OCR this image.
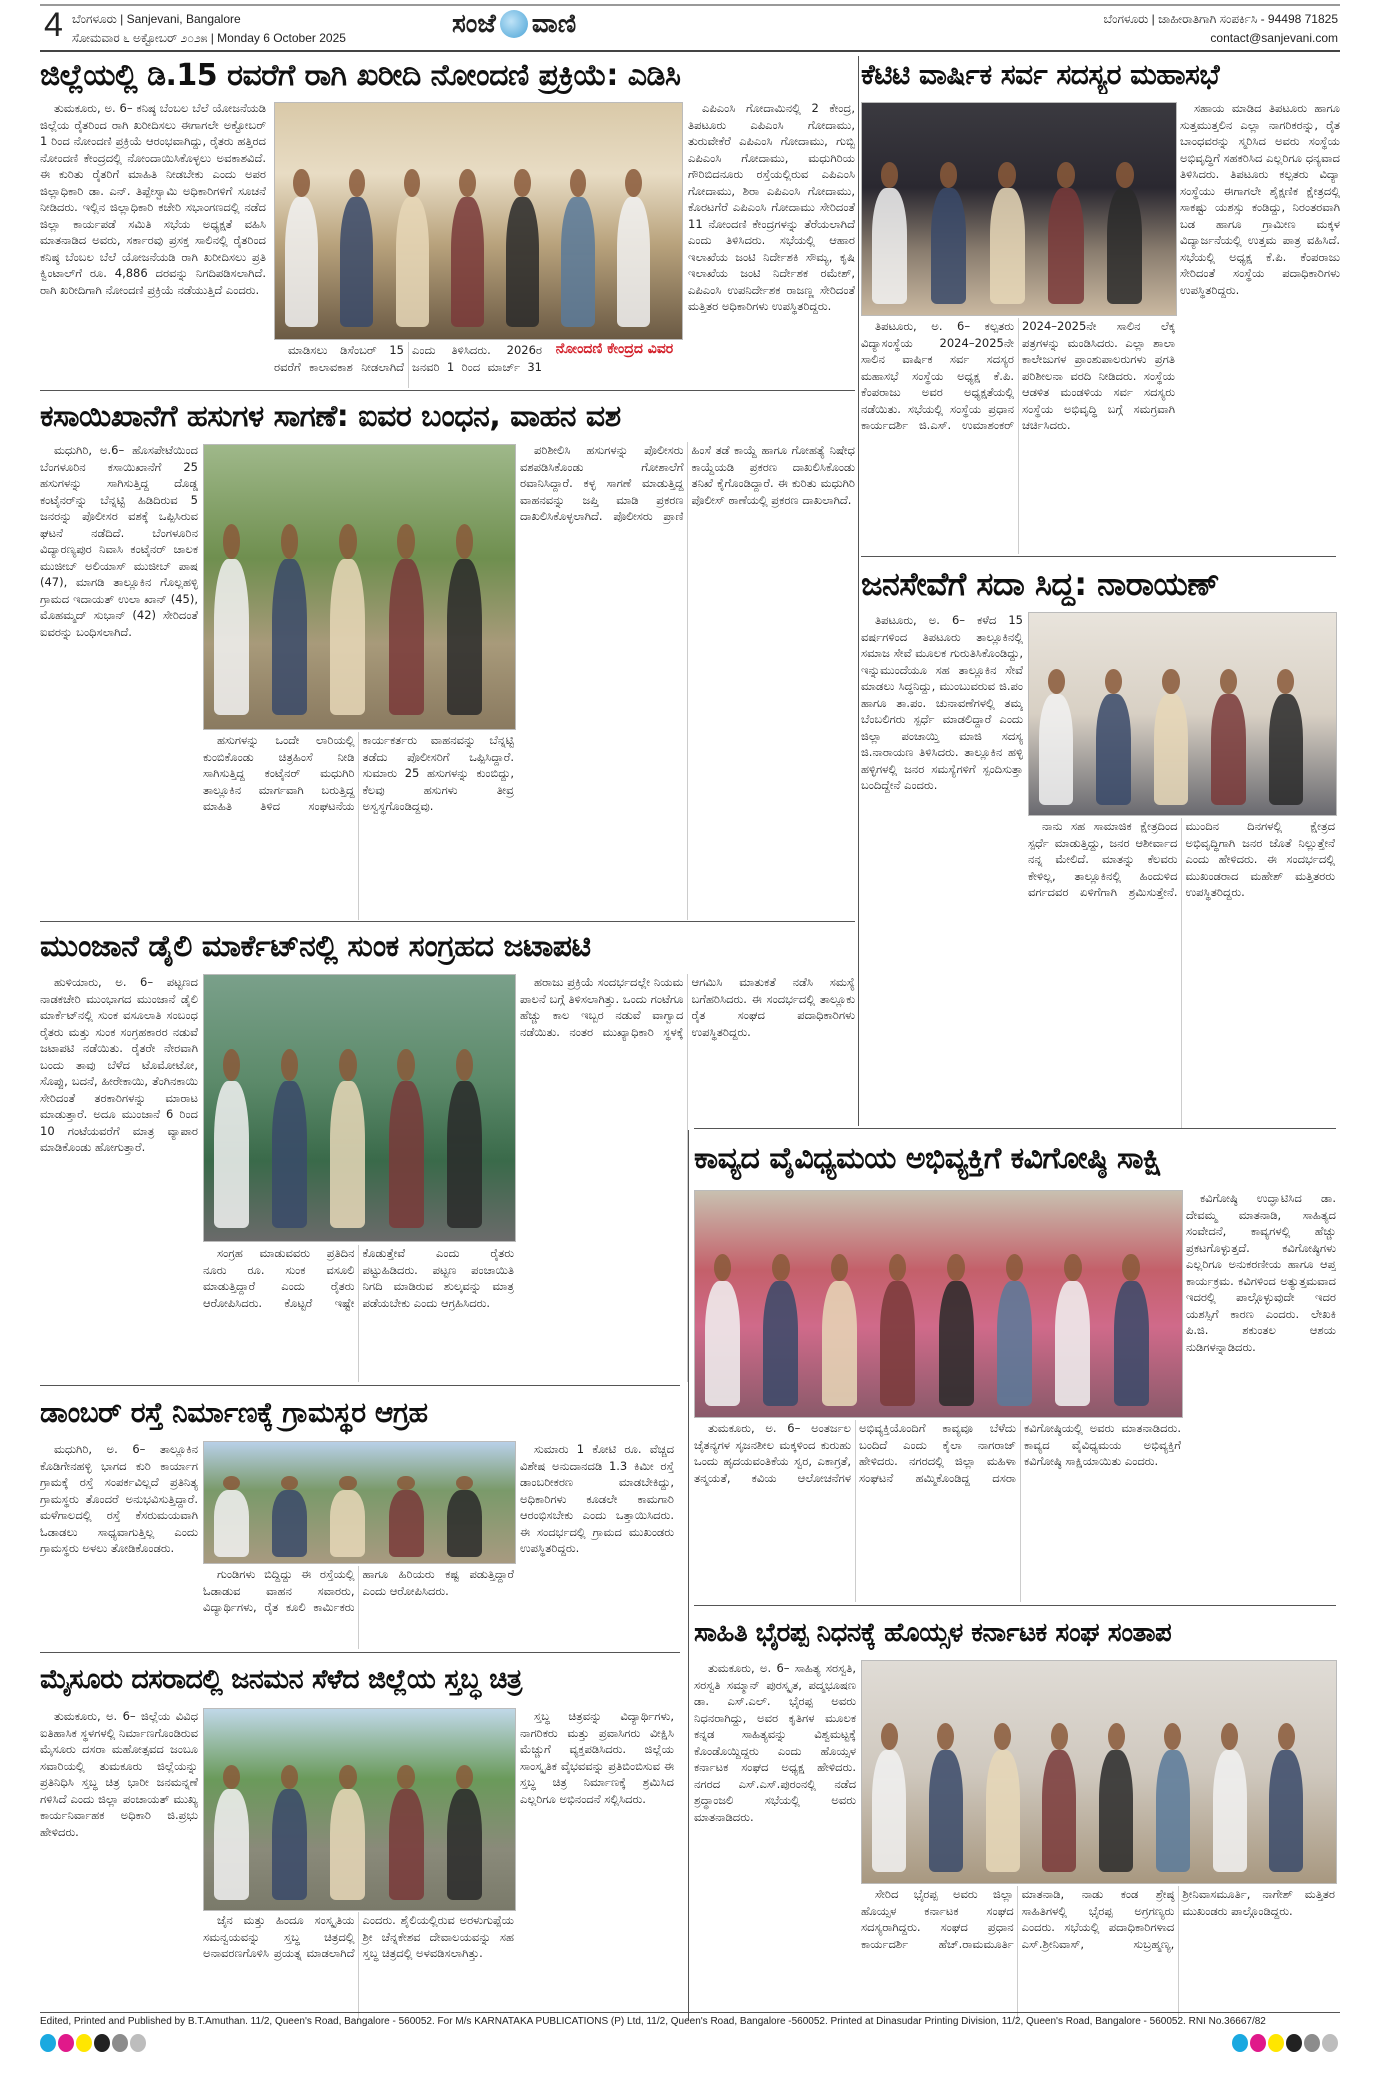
4 ಬೆಂಗಳೂರು | Sanjevani, Bangalore
ಸೋಮವಾರ ೬ ಅಕ್ಟೋಬರ್ ೨೦೨೫ | Monday 6 October 2025	ಸಂಜೆ ವಾಣಿ	ಬೆಂಗಳೂರು | ಜಾಹೀರಾತಿಗಾಗಿ ಸಂಪರ್ಕಿಸಿ - 94498 71825
contact@sanjevani.com
ಜಿಲ್ಲೆಯಲ್ಲಿ ಡಿ.15 ರವರೆಗೆ ರಾಗಿ ಖರೀದಿ ನೋಂದಣಿ ಪ್ರಕ್ರಿಯೆ: ಎಡಿಸಿ

ತುಮಕೂರು, ಅ. 6– ಕನಿಷ್ಠ ಬೆಂಬಲ ಬೆಲೆ ಯೋಜನೆಯಡಿ ಜಿಲ್ಲೆಯ ರೈತರಿಂದ ರಾಗಿ ಖರೀದಿಸಲು ಈಗಾಗಲೇ ಅಕ್ಟೋಬರ್ 1 ರಿಂದ ನೋಂದಣಿ ಪ್ರಕ್ರಿಯೆ ಆರಂಭವಾಗಿದ್ದು, ರೈತರು ಹತ್ತಿರದ ನೋಂದಣಿ ಕೇಂದ್ರದಲ್ಲಿ ನೋಂದಾಯಿಸಿಕೊಳ್ಳಲು ಅವಕಾಶವಿದೆ. ಈ ಕುರಿತು ರೈತರಿಗೆ ಮಾಹಿತಿ ನೀಡಬೇಕು ಎಂದು ಅಪರ ಜಿಲ್ಲಾಧಿಕಾರಿ ಡಾ. ಎನ್. ತಿಪ್ಪೇಸ್ವಾಮಿ ಅಧಿಕಾರಿಗಳಿಗೆ ಸೂಚನೆ ನೀಡಿದರು. ಇಲ್ಲಿನ ಜಿಲ್ಲಾಧಿಕಾರಿ ಕಚೇರಿ ಸಭಾಂಗಣದಲ್ಲಿ ನಡೆದ ಜಿಲ್ಲಾ ಕಾರ್ಯಪಡೆ ಸಮಿತಿ ಸಭೆಯ ಅಧ್ಯಕ್ಷತೆ ವಹಿಸಿ ಮಾತನಾಡಿದ ಅವರು, ಸರ್ಕಾರವು ಪ್ರಸಕ್ತ ಸಾಲಿನಲ್ಲಿ ರೈತರಿಂದ ಕನಿಷ್ಠ ಬೆಂಬಲ ಬೆಲೆ ಯೋಜನೆಯಡಿ ರಾಗಿ ಖರೀದಿಸಲು ಪ್ರತಿ ಕ್ವಿಂಟಾಲ್‌ಗೆ ರೂ. 4,886 ದರವನ್ನು ನಿಗದಿಪಡಿಸಲಾಗಿದೆ. ರಾಗಿ ಖರೀದಿಗಾಗಿ ನೋಂದಣಿ ಪ್ರಕ್ರಿಯೆ ನಡೆಯುತ್ತಿದೆ ಎಂದರು.

ಮಾಡಿಸಲು ಡಿಸೆಂಬರ್ 15 ರವರೆಗೆ ಕಾಲಾವಕಾಶ ನೀಡಲಾಗಿದೆ ಎಂದು ತಿಳಿಸಿದರು. 2026ರ ಜನವರಿ 1 ರಿಂದ ಮಾರ್ಚ್ 31

ಎಪಿಎಂಸಿ ಗೋದಾಮಿನಲ್ಲಿ 2 ಕೇಂದ್ರ, ತಿಪಟೂರು ಎಪಿಎಂಸಿ ಗೋದಾಮು, ತುರುವೇಕೆರೆ ಎಪಿಎಂಸಿ ಗೋದಾಮು, ಗುಬ್ಬಿ ಎಪಿಎಂಸಿ ಗೋದಾಮು, ಮಧುಗಿರಿಯ ಗೌರಿಬಿದನೂರು ರಸ್ತೆಯಲ್ಲಿರುವ ಎಪಿಎಂಸಿ ಗೋದಾಮು, ಶಿರಾ ಎಪಿಎಂಸಿ ಗೋದಾಮು, ಕೊರಟಗೆರೆ ಎಪಿಎಂಸಿ ಗೋದಾಮು ಸೇರಿದಂತೆ 11 ನೋಂದಣಿ ಕೇಂದ್ರಗಳನ್ನು ತೆರೆಯಲಾಗಿದೆ ಎಂದು ತಿಳಿಸಿದರು. ಸಭೆಯಲ್ಲಿ ಆಹಾರ ಇಲಾಖೆಯ ಜಂಟಿ ನಿರ್ದೇಶಕಿ ಸೌಮ್ಯ, ಕೃಷಿ ಇಲಾಖೆಯ ಜಂಟಿ ನಿರ್ದೇಶಕ ರಮೇಶ್, ಎಪಿಎಂಸಿ ಉಪನಿರ್ದೇಶಕ ರಾಜಣ್ಣ ಸೇರಿದಂತೆ ಮತ್ತಿತರ ಅಧಿಕಾರಿಗಳು ಉಪಸ್ಥಿತರಿದ್ದರು.

ನೋಂದಣಿ ಕೇಂದ್ರದ ವಿವರ
ಕೆಟಿಟಿ ವಾರ್ಷಿಕ ಸರ್ವ ಸದಸ್ಯರ ಮಹಾಸಭೆ

ಸಹಾಯ ಮಾಡಿದ ತಿಪಟೂರು ಹಾಗೂ ಸುತ್ತಮುತ್ತಲಿನ ಎಲ್ಲಾ ನಾಗರಿಕರನ್ನು, ರೈತ ಬಾಂಧವರನ್ನು ಸ್ಮರಿಸಿದ ಅವರು ಸಂಸ್ಥೆಯ ಅಭಿವೃದ್ಧಿಗೆ ಸಹಕರಿಸಿದ ಎಲ್ಲರಿಗೂ ಧನ್ಯವಾದ ತಿಳಿಸಿದರು. ತಿಪಟೂರು ಕಲ್ಪತರು ವಿದ್ಯಾ ಸಂಸ್ಥೆಯು ಈಗಾಗಲೇ ಶೈಕ್ಷಣಿಕ ಕ್ಷೇತ್ರದಲ್ಲಿ ಸಾಕಷ್ಟು ಯಶಸ್ಸು ಕಂಡಿದ್ದು, ನಿರಂತರವಾಗಿ ಬಡ ಹಾಗೂ ಗ್ರಾಮೀಣ ಮಕ್ಕಳ ವಿದ್ಯಾರ್ಜನೆಯಲ್ಲಿ ಉತ್ತಮ ಪಾತ್ರ ವಹಿಸಿದೆ. ಸಭೆಯಲ್ಲಿ ಅಧ್ಯಕ್ಷ ಕೆ.ಪಿ. ಕೆಂಪರಾಜು ಸೇರಿದಂತೆ ಸಂಸ್ಥೆಯ ಪದಾಧಿಕಾರಿಗಳು ಉಪಸ್ಥಿತರಿದ್ದರು.

ತಿಪಟೂರು, ಅ. 6– ಕಲ್ಪತರು ವಿದ್ಯಾಸಂಸ್ಥೆಯ 2024–2025ನೇ ಸಾಲಿನ ವಾರ್ಷಿಕ ಸರ್ವ ಸದಸ್ಯರ ಮಹಾಸಭೆ ಸಂಸ್ಥೆಯ ಅಧ್ಯಕ್ಷ ಕೆ.ಪಿ. ಕೆಂಪರಾಜು ಅವರ ಅಧ್ಯಕ್ಷತೆಯಲ್ಲಿ ನಡೆಯಿತು. ಸಭೆಯಲ್ಲಿ ಸಂಸ್ಥೆಯ ಪ್ರಧಾನ ಕಾರ್ಯದರ್ಶಿ ಜಿ.ಎಸ್. ಉಮಾಶಂಕರ್ 2024–2025ನೇ ಸಾಲಿನ ಲೆಕ್ಕ ಪತ್ರಗಳನ್ನು ಮಂಡಿಸಿದರು. ಎಲ್ಲಾ ಶಾಲಾ ಕಾಲೇಜುಗಳ ಪ್ರಾಂಶುಪಾಲರುಗಳು ಪ್ರಗತಿ ಪರಿಶೀಲನಾ ವರದಿ ನೀಡಿದರು. ಸಂಸ್ಥೆಯ ಆಡಳಿತ ಮಂಡಳಿಯ ಸರ್ವ ಸದಸ್ಯರು ಸಂಸ್ಥೆಯ ಅಭಿವೃದ್ಧಿ ಬಗ್ಗೆ ಸಮಗ್ರವಾಗಿ ಚರ್ಚಿಸಿದರು.

ಕಸಾಯಿಖಾನೆಗೆ ಹಸುಗಳ ಸಾಗಣೆ: ಐವರ ಬಂಧನ, ವಾಹನ ವಶ

ಮಧುಗಿರಿ, ಅ.6– ಹೊಸಪೇಟೆಯಿಂದ ಬೆಂಗಳೂರಿನ ಕಸಾಯಿಖಾನೆಗೆ 25 ಹಸುಗಳನ್ನು ಸಾಗಿಸುತ್ತಿದ್ದ ದೊಡ್ಡ ಕಂಟೈನರ್‌ನ್ನು ಬೆನ್ನಟ್ಟಿ ಹಿಡಿದಿರುವ 5 ಜನರನ್ನು ಪೊಲೀಸರ ವಶಕ್ಕೆ ಒಪ್ಪಿಸಿರುವ ಘಟನೆ ನಡೆದಿದೆ. ಬೆಂಗಳೂರಿನ ವಿದ್ಯಾರಣ್ಯಪುರ ನಿವಾಸಿ ಕಂಟೈನರ್ ಚಾಲಕ ಮುಜೀಬ್ ಅಲಿಯಾಸ್ ಮುಜೀಬ್ ಪಾಷ (47), ಮಾಗಡಿ ತಾಲ್ಲೂಕಿನ ಗೊಲ್ಲಹಳ್ಳಿ ಗ್ರಾಮದ ಇದಾಯತ್ ಉಲಾ ಖಾನ್ (45), ಮೊಹಮ್ಮದ್ ಸುಭಾನ್ (42) ಸೇರಿದಂತೆ ಐವರನ್ನು ಬಂಧಿಸಲಾಗಿದೆ.

ಹಸುಗಳನ್ನು ಒಂದೇ ಲಾರಿಯಲ್ಲಿ ಕುಂಬಿಕೊಂಡು ಚಿತ್ರಹಿಂಸೆ ನೀಡಿ ಸಾಗಿಸುತ್ತಿದ್ದ ಕಂಟೈನರ್ ಮಧುಗಿರಿ ತಾಲ್ಲೂಕಿನ ಮಾರ್ಗವಾಗಿ ಬರುತ್ತಿದ್ದ ಮಾಹಿತಿ ತಿಳಿದ ಸಂಘಟನೆಯ ಕಾರ್ಯಕರ್ತರು ವಾಹನವನ್ನು ಬೆನ್ನಟ್ಟಿ ತಡೆದು ಪೊಲೀಸರಿಗೆ ಒಪ್ಪಿಸಿದ್ದಾರೆ. ಸುಮಾರು 25 ಹಸುಗಳನ್ನು ಕುಂಬಿದ್ದು, ಕೆಲವು ಹಸುಗಳು ತೀವ್ರ ಅಸ್ವಸ್ಥಗೊಂಡಿದ್ದವು.

ಪರಿಶೀಲಿಸಿ ಹಸುಗಳನ್ನು ಪೊಲೀಸರು ವಶಪಡಿಸಿಕೊಂಡು ಗೋಶಾಲೆಗೆ ರವಾನಿಸಿದ್ದಾರೆ. ಕಳ್ಳ ಸಾಗಣೆ ಮಾಡುತ್ತಿದ್ದ ವಾಹನವನ್ನು ಜಪ್ತಿ ಮಾಡಿ ಪ್ರಕರಣ ದಾಖಲಿಸಿಕೊಳ್ಳಲಾಗಿದೆ. ಪೊಲೀಸರು ಪ್ರಾಣಿ ಹಿಂಸೆ ತಡೆ ಕಾಯ್ದೆ ಹಾಗೂ ಗೋಹತ್ಯೆ ನಿಷೇಧ ಕಾಯ್ದೆಯಡಿ ಪ್ರಕರಣ ದಾಖಲಿಸಿಕೊಂಡು ತನಿಖೆ ಕೈಗೊಂಡಿದ್ದಾರೆ. ಈ ಕುರಿತು ಮಧುಗಿರಿ ಪೊಲೀಸ್ ಠಾಣೆಯಲ್ಲಿ ಪ್ರಕರಣ ದಾಖಲಾಗಿದೆ.

ಜನಸೇವೆಗೆ ಸದಾ ಸಿದ್ಧ: ನಾರಾಯಣ್

ತಿಪಟೂರು, ಅ. 6– ಕಳೆದ 15 ವರ್ಷಗಳಿಂದ ತಿಪಟೂರು ತಾಲ್ಲೂಕಿನಲ್ಲಿ ಸಮಾಜ ಸೇವೆ ಮೂಲಕ ಗುರುತಿಸಿಕೊಂಡಿದ್ದು, ಇನ್ನುಮುಂದೆಯೂ ಸಹ ತಾಲ್ಲೂಕಿನ ಸೇವೆ ಮಾಡಲು ಸಿದ್ಧನಿದ್ದು, ಮುಂಬುವರುವ ಜಿ.ಪಂ ಹಾಗೂ ತಾ.ಪಂ. ಚುನಾವಣೆಗಳಲ್ಲಿ ತಮ್ಮ ಬೆಂಬಲಿಗರು ಸ್ಪರ್ಧೆ ಮಾಡಲಿದ್ದಾರೆ ಎಂದು ಜಿಲ್ಲಾ ಪಂಚಾಯ್ತಿ ಮಾಜಿ ಸದಸ್ಯ ಜಿ.ನಾರಾಯಣ ತಿಳಿಸಿದರು. ತಾಲ್ಲೂಕಿನ ಹಳ್ಳಿ ಹಳ್ಳಿಗಳಲ್ಲಿ ಜನರ ಸಮಸ್ಯೆಗಳಿಗೆ ಸ್ಪಂದಿಸುತ್ತಾ ಬಂದಿದ್ದೇನೆ ಎಂದರು.

ನಾನು ಸಹ ಸಾಮಾಜಿಕ ಕ್ಷೇತ್ರದಿಂದ ಸ್ಪರ್ಧೆ ಮಾಡುತ್ತಿದ್ದು, ಜನರ ಆಶೀರ್ವಾದ ನನ್ನ ಮೇಲಿದೆ. ಮಾತನ್ನು ಕೆಲವರು ಕೇಳಿಲ್ಲ, ತಾಲ್ಲೂಕಿನಲ್ಲಿ ಹಿಂದುಳಿದ ವರ್ಗದವರ ಏಳಿಗೆಗಾಗಿ ಶ್ರಮಿಸುತ್ತೇನೆ. ಮುಂದಿನ ದಿನಗಳಲ್ಲಿ ಕ್ಷೇತ್ರದ ಅಭಿವೃದ್ಧಿಗಾಗಿ ಜನರ ಜೊತೆ ನಿಲ್ಲುತ್ತೇನೆ ಎಂದು ಹೇಳಿದರು. ಈ ಸಂದರ್ಭದಲ್ಲಿ ಮುಖಂಡರಾದ ಮಹೇಶ್ ಮತ್ತಿತರರು ಉಪಸ್ಥಿತರಿದ್ದರು.

ಮುಂಜಾನೆ ಡೈಲಿ ಮಾರ್ಕೆಟ್‌ನಲ್ಲಿ ಸುಂಕ ಸಂಗ್ರಹದ ಜಟಾಪಟಿ

ಹುಳಿಯಾರು, ಅ. 6– ಪಟ್ಟಣದ ನಾಡಕಚೇರಿ ಮುಂಭಾಗದ ಮುಂಜಾನೆ ಡೈಲಿ ಮಾರ್ಕೆಟ್‌ನಲ್ಲಿ ಸುಂಕ ವಸೂಲಾತಿ ಸಂಬಂಧ ರೈತರು ಮತ್ತು ಸುಂಕ ಸಂಗ್ರಹಕಾರರ ನಡುವೆ ಜಟಾಪಟಿ ನಡೆಯಿತು. ರೈತರೇ ನೇರವಾಗಿ ಬಂದು ತಾವು ಬೆಳೆದ ಟೊಮೋಟೋ, ಸೊಪ್ಪು, ಬದನೆ, ಹೀರೇಕಾಯಿ, ತೆಂಗಿನಕಾಯಿ ಸೇರಿದಂತೆ ತರಕಾರಿಗಳನ್ನು ಮಾರಾಟ ಮಾಡುತ್ತಾರೆ. ಅದೂ ಮುಂಜಾನೆ 6 ರಿಂದ 10 ಗಂಟೆಯವರೆಗೆ ಮಾತ್ರ ವ್ಯಾಪಾರ ಮಾಡಿಕೊಂಡು ಹೋಗುತ್ತಾರೆ.

ಸಂಗ್ರಹ ಮಾಡುವವರು ಪ್ರತಿದಿನ ನೂರು ರೂ. ಸುಂಕ ವಸೂಲಿ ಮಾಡುತ್ತಿದ್ದಾರೆ ಎಂದು ರೈತರು ಆರೋಪಿಸಿದರು. ಕೊಟ್ಟರೆ ಇಷ್ಟೇ ಕೊಡುತ್ತೇವೆ ಎಂದು ರೈತರು ಪಟ್ಟುಹಿಡಿದರು. ಪಟ್ಟಣ ಪಂಚಾಯಿತಿ ನಿಗದಿ ಮಾಡಿರುವ ಶುಲ್ಕವನ್ನು ಮಾತ್ರ ಪಡೆಯಬೇಕು ಎಂದು ಆಗ್ರಹಿಸಿದರು.

ಹರಾಜು ಪ್ರಕ್ರಿಯೆ ಸಂದರ್ಭದಲ್ಲೇ ನಿಯಮ ಪಾಲನೆ ಬಗ್ಗೆ ತಿಳಿಸಲಾಗಿತ್ತು. ಒಂದು ಗಂಟೆಗೂ ಹೆಚ್ಚು ಕಾಲ ಇಬ್ಬರ ನಡುವೆ ವಾಗ್ವಾದ ನಡೆಯಿತು. ನಂತರ ಮುಖ್ಯಾಧಿಕಾರಿ ಸ್ಥಳಕ್ಕೆ ಆಗಮಿಸಿ ಮಾತುಕತೆ ನಡೆಸಿ ಸಮಸ್ಯೆ ಬಗೆಹರಿಸಿದರು. ಈ ಸಂದರ್ಭದಲ್ಲಿ ತಾಲ್ಲೂಕು ರೈತ ಸಂಘದ ಪದಾಧಿಕಾರಿಗಳು ಉಪಸ್ಥಿತರಿದ್ದರು.

ಕಾವ್ಯದ ವೈವಿಧ್ಯಮಯ ಅಭಿವ್ಯಕ್ತಿಗೆ ಕವಿಗೋಷ್ಠಿ ಸಾಕ್ಷಿ

ಕವಿಗೋಷ್ಠಿ ಉದ್ಘಾಟಿಸಿದ ಡಾ. ದೇವಮ್ಮ ಮಾತನಾಡಿ, ಸಾಹಿತ್ಯದ ಸಂವೇದನೆ, ಕಾವ್ಯಗಳಲ್ಲಿ ಹೆಚ್ಚು ಪ್ರಕಟಗೊಳ್ಳುತ್ತದೆ. ಕವಿಗೋಷ್ಠಿಗಳು ಎಲ್ಲರಿಗೂ ಅನುಕರಣೀಯ ಹಾಗೂ ಆಪ್ತ ಕಾರ್ಯಕ್ರಮ. ಕವಿಗಳಿಂದ ಅತ್ಯುತ್ತಮವಾದ ಇದರಲ್ಲಿ ಪಾಲ್ಗೊಳ್ಳುವುದೇ ಇದರ ಯಶಸ್ಸಿಗೆ ಕಾರಣ ಎಂದರು. ಲೇಖಕಿ ಪಿ.ಜಿ. ಶಕುಂತಲ ಆಶಯ ನುಡಿಗಳನ್ನಾಡಿದರು.

ತುಮಕೂರು, ಅ. 6– ಅಂತರ್ಜಲ ಚೈತನ್ಯಗಳ ಸೃಜನಶೀಲ ಮಕ್ಕಳಿಂದ ಕುರುಹು ಒಂದು ಹೃದಯವಂತಿಕೆಯ ಸ್ವರ, ಎಕಾಗ್ರತೆ, ತನ್ಮಯತೆ, ಕವಿಯ ಆಲೋಚನೆಗಳ ಅಭಿವ್ಯಕ್ತಿಯೊಂದಿಗೆ ಕಾವ್ಯವೂ ಬೆಳೆದು ಬಂದಿದೆ ಎಂದು ಕೈಲಾ ನಾಗರಾಜ್ ಹೇಳಿದರು. ನಗರದಲ್ಲಿ ಜಿಲ್ಲಾ ಮಹಿಳಾ ಸಂಘಟನೆ ಹಮ್ಮಿಕೊಂಡಿದ್ದ ದಸರಾ ಕವಿಗೋಷ್ಠಿಯಲ್ಲಿ ಅವರು ಮಾತನಾಡಿದರು. ಕಾವ್ಯದ ವೈವಿಧ್ಯಮಯ ಅಭಿವ್ಯಕ್ತಿಗೆ ಕವಿಗೋಷ್ಠಿ ಸಾಕ್ಷಿಯಾಯಿತು ಎಂದರು.

ಡಾಂಬರ್ ರಸ್ತೆ ನಿರ್ಮಾಣಕ್ಕೆ ಗ್ರಾಮಸ್ಥರ ಆಗ್ರಹ

ಮಧುಗಿರಿ, ಅ. 6– ತಾಲ್ಲೂಕಿನ ಕೊಡಿಗೇನಹಳ್ಳಿ ಭಾಗದ ಕುರಿ ಕಾರ್ಯಾಗ ಗ್ರಾಮಕ್ಕೆ ರಸ್ತೆ ಸಂಪರ್ಕವಿಲ್ಲದೆ ಪ್ರತಿನಿತ್ಯ ಗ್ರಾಮಸ್ಥರು ತೊಂದರೆ ಅನುಭವಿಸುತ್ತಿದ್ದಾರೆ. ಮಳೆಗಾಲದಲ್ಲಿ ರಸ್ತೆ ಕೆಸರುಮಯವಾಗಿ ಓಡಾಡಲು ಸಾಧ್ಯವಾಗುತ್ತಿಲ್ಲ ಎಂದು ಗ್ರಾಮಸ್ಥರು ಅಳಲು ತೋಡಿಕೊಂಡರು.

ಗುಂಡಿಗಳು ಬಿದ್ದಿದ್ದು ಈ ರಸ್ತೆಯಲ್ಲಿ ಓಡಾಡುವ ವಾಹನ ಸವಾರರು, ವಿದ್ಯಾರ್ಥಿಗಳು, ರೈತ ಕೂಲಿ ಕಾರ್ಮಿಕರು ಹಾಗೂ ಹಿರಿಯರು ಕಷ್ಟ ಪಡುತ್ತಿದ್ದಾರೆ ಎಂದು ಆರೋಪಿಸಿದರು.

ಸುಮಾರು 1 ಕೋಟಿ ರೂ. ವೆಚ್ಚದ ವಿಶೇಷ ಅನುದಾನದಡಿ 1.3 ಕಿಮೀ ರಸ್ತೆ ಡಾಂಬರೀಕರಣ ಮಾಡಬೇಕಿದ್ದು, ಅಧಿಕಾರಿಗಳು ಕೂಡಲೇ ಕಾಮಗಾರಿ ಆರಂಭಿಸಬೇಕು ಎಂದು ಒತ್ತಾಯಿಸಿದರು. ಈ ಸಂದರ್ಭದಲ್ಲಿ ಗ್ರಾಮದ ಮುಖಂಡರು ಉಪಸ್ಥಿತರಿದ್ದರು.

ಸಾಹಿತಿ ಭೈರಪ್ಪ ನಿಧನಕ್ಕೆ ಹೊಯ್ಸಳ ಕರ್ನಾಟಕ ಸಂಘ ಸಂತಾಪ

ತುಮಕೂರು, ಅ. 6– ಸಾಹಿತ್ಯ ಸರಸ್ವತಿ, ಸರಸ್ವತಿ ಸಮ್ಮಾನ್ ಪುರಸ್ಕೃತ, ಪದ್ಮಭೂಷಣ ಡಾ. ಎಸ್.ಎಲ್. ಭೈರಪ್ಪ ಅವರು ನಿಧನರಾಗಿದ್ದು, ಅವರ ಕೃತಿಗಳ ಮೂಲಕ ಕನ್ನಡ ಸಾಹಿತ್ಯವನ್ನು ವಿಶ್ವಮಟ್ಟಕ್ಕೆ ಕೊಂಡೊಯ್ದಿದ್ದರು ಎಂದು ಹೊಯ್ಸಳ ಕರ್ನಾಟಕ ಸಂಘದ ಅಧ್ಯಕ್ಷ ಹೇಳಿದರು. ನಗರದ ಎಸ್.ಎಸ್.ಪುರಂನಲ್ಲಿ ನಡೆದ ಶ್ರದ್ಧಾಂಜಲಿ ಸಭೆಯಲ್ಲಿ ಅವರು ಮಾತನಾಡಿದರು.

ಸೇರಿದ ಭೈರಪ್ಪ ಅವರು ಜಿಲ್ಲಾ ಹೊಯ್ಸಳ ಕರ್ನಾಟಕ ಸಂಘದ ಸದಸ್ಯರಾಗಿದ್ದರು. ಸಂಘದ ಪ್ರಧಾನ ಕಾರ್ಯದರ್ಶಿ ಹೆಚ್.ರಾಮಮೂರ್ತಿ ಮಾತನಾಡಿ, ನಾಡು ಕಂಡ ಶ್ರೇಷ್ಠ ಸಾಹಿತಿಗಳಲ್ಲಿ ಭೈರಪ್ಪ ಅಗ್ರಗಣ್ಯರು ಎಂದರು. ಸಭೆಯಲ್ಲಿ ಪದಾಧಿಕಾರಿಗಳಾದ ಎಸ್.ಶ್ರೀನಿವಾಸ್, ಸುಬ್ರಹ್ಮಣ್ಯ, ಶ್ರೀನಿವಾಸಮೂರ್ತಿ, ನಾಗೇಶ್ ಮತ್ತಿತರ ಮುಖಂಡರು ಪಾಲ್ಗೊಂಡಿದ್ದರು.

ಮೈಸೂರು ದಸರಾದಲ್ಲಿ ಜನಮನ ಸೆಳೆದ ಜಿಲ್ಲೆಯ ಸ್ತಬ್ಧ ಚಿತ್ರ

ತುಮಕೂರು, ಅ. 6– ಜಿಲ್ಲೆಯ ವಿವಿಧ ಐತಿಹಾಸಿಕ ಸ್ಥಳಗಳಲ್ಲಿ ನಿರ್ಮಾಣಗೊಂಡಿರುವ ಮೈಸೂರು ದಸರಾ ಮಹೋತ್ಸವದ ಜಂಬೂ ಸವಾರಿಯಲ್ಲಿ ತುಮಕೂರು ಜಿಲ್ಲೆಯನ್ನು ಪ್ರತಿನಿಧಿಸಿ ಸ್ತಬ್ಧ ಚಿತ್ರ ಭಾರೀ ಜನಮನ್ನಣೆ ಗಳಿಸಿದೆ ಎಂದು ಜಿಲ್ಲಾ ಪಂಚಾಯತ್ ಮುಖ್ಯ ಕಾರ್ಯನಿರ್ವಾಹಕ ಅಧಿಕಾರಿ ಜಿ.ಪ್ರಭು ಹೇಳಿದರು.

ಜೈನ ಮತ್ತು ಹಿಂದೂ ಸಂಸ್ಕೃತಿಯ ಸಮನ್ವಯವನ್ನು ಸ್ತಬ್ಧ ಚಿತ್ರದಲ್ಲಿ ಅನಾವರಣಗೊಳಿಸಿ ಪ್ರಯತ್ನ ಮಾಡಲಾಗಿದೆ ಎಂದರು. ಶೈಲಿಯಲ್ಲಿರುವ ಅರಳುಗುಪ್ಪೆಯ ಶ್ರೀ ಚೆನ್ನಕೇಶವ ದೇವಾಲಯವನ್ನು ಸಹ ಸ್ತಬ್ಧ ಚಿತ್ರದಲ್ಲಿ ಅಳವಡಿಸಲಾಗಿತ್ತು.

ಸ್ತಬ್ಧ ಚಿತ್ರವನ್ನು ವಿದ್ಯಾರ್ಥಿಗಳು, ನಾಗರಿಕರು ಮತ್ತು ಪ್ರವಾಸಿಗರು ವೀಕ್ಷಿಸಿ ಮೆಚ್ಚುಗೆ ವ್ಯಕ್ತಪಡಿಸಿದರು. ಜಿಲ್ಲೆಯ ಸಾಂಸ್ಕೃತಿಕ ವೈಭವವನ್ನು ಪ್ರತಿಬಿಂಬಿಸುವ ಈ ಸ್ತಬ್ಧ ಚಿತ್ರ ನಿರ್ಮಾಣಕ್ಕೆ ಶ್ರಮಿಸಿದ ಎಲ್ಲರಿಗೂ ಅಭಿನಂದನೆ ಸಲ್ಲಿಸಿದರು.

Edited, Printed and Published by B.T.Amuthan. 11/2, Queen's Road, Bangalore - 560052. For M/s KARNATAKA PUBLICATIONS (P) Ltd, 11/2, Queen's Road, Bangalore -560052. Printed at Dinasudar Printing Division, 11/2, Queen's Road, Bangalore - 560052. RNI No.36667/82
